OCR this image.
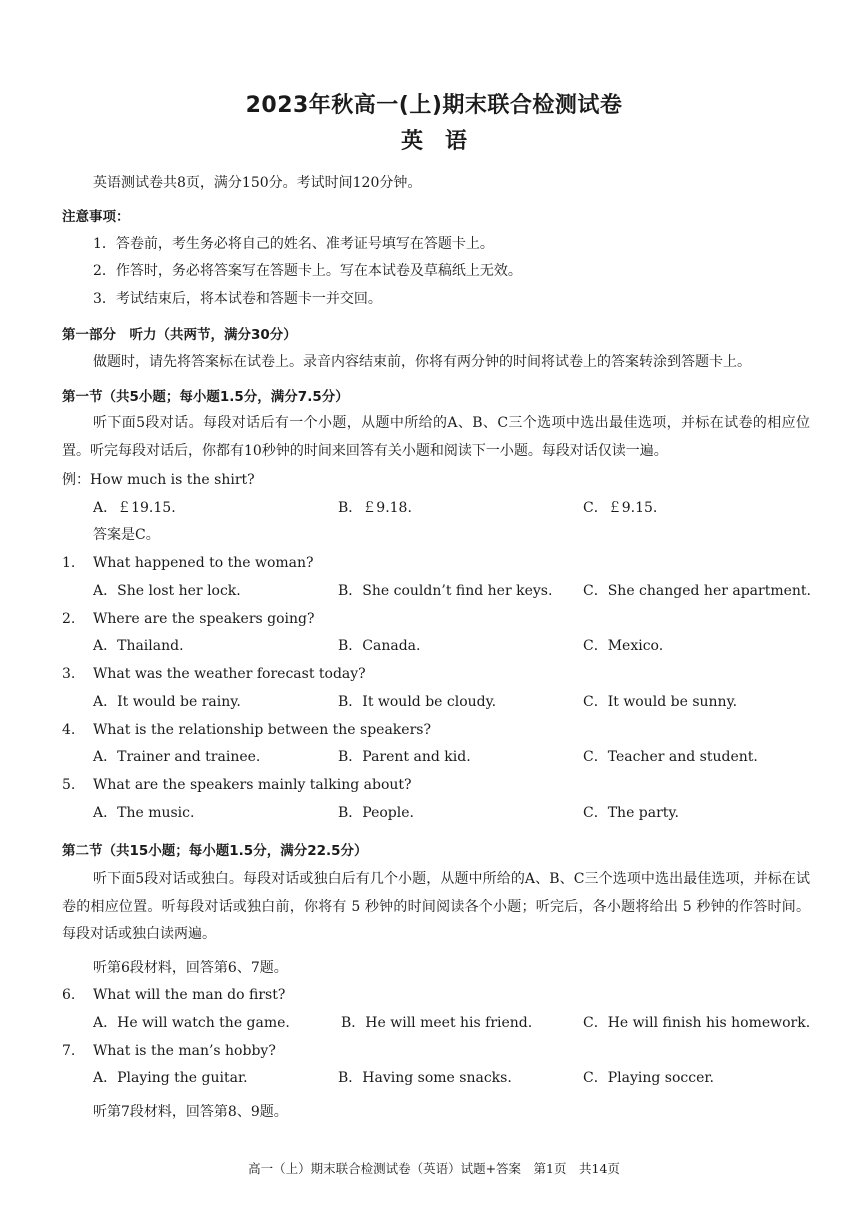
2023年秋高一(上)期末联合检测试卷
英语
英语测试卷共8页，满分150分。考试时间120分钟。
注意事项：
1．答卷前，考生务必将自己的姓名、准考证号填写在答题卡上。
2．作答时，务必将答案写在答题卡上。写在本试卷及草稿纸上无效。
3．考试结束后，将本试卷和答题卡一并交回。
第一部分　听力（共两节，满分30分）
做题时，请先将答案标在试卷上。录音内容结束前，你将有两分钟的时间将试卷上的答案转涂到答题卡上。
第一节（共5小题；每小题1.5分，满分7.5分）
听下面5段对话。每段对话后有一个小题，从题中所给的A、B、C三个选项中选出最佳选项，并标在试卷的相应位置。听完每段对话后，你都有10秒钟的时间来回答有关小题和阅读下一小题。每段对话仅读一遍。
例：How much is the shirt?
A．￡19.15.	B．￡9.18.	C．￡9.15.
答案是C。
1. What happened to the woman?
A．She lost her lock.	B．She couldn’t find her keys. C．She changed her apartment.
2. Where are the speakers going?
A．Thailand.	B．Canada.	C．Mexico.
3. What was the weather forecast today?
A．It would be rainy.	B．It would be cloudy.	C．It would be sunny.
4. What is the relationship between the speakers?
A．Trainer and trainee.	B．Parent and kid.	C．Teacher and student.
5. What are the speakers mainly talking about?
A．The music.	B．People.	C．The party.
第二节（共15小题；每小题1.5分，满分22.5分）
听下面5段对话或独白。每段对话或独白后有几个小题，从题中所给的A、B、C三个选项中选出最佳选项，并标在试卷的相应位置。听每段对话或独白前，你将有 5 秒钟的时间阅读各个小题；听完后，各小题将给出 5 秒钟的作答时间。每段对话或独白读两遍。
听第6段材料，回答第6、7题。
6. What will the man do first?
A．He will watch the game.	B．He will meet his friend.	C．He will finish his homework.
7. What is the man’s hobby?
A．Playing the guitar.	B．Having some snacks.	C．Playing soccer.
听第7段材料，回答第8、9题。
高一（上）期末联合检测试卷（英语）试题+答案　第1页　共14页
